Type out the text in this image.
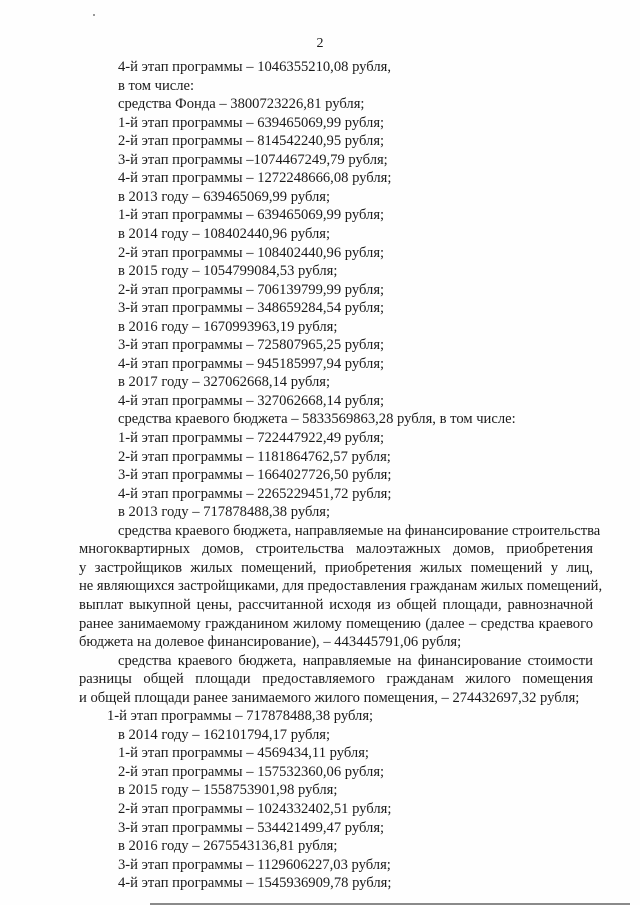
2
4-й этап программы – 1046355210,08 рубля,
в том числе:
средства Фонда – 3800723226,81 рубля;
1-й этап программы – 639465069,99 рубля;
2-й этап программы – 814542240,95 рубля;
3-й этап программы –1074467249,79 рубля;
4-й этап программы – 1272248666,08 рубля;
в 2013 году – 639465069,99 рубля;
1-й этап программы – 639465069,99 рубля;
в 2014 году – 108402440,96 рубля;
2-й этап программы – 108402440,96 рубля;
в 2015 году – 1054799084,53 рубля;
2-й этап программы – 706139799,99 рубля;
3-й этап программы – 348659284,54 рубля;
в 2016 году – 1670993963,19 рубля;
3-й этап программы – 725807965,25 рубля;
4-й этап программы – 945185997,94 рубля;
в 2017 году – 327062668,14 рубля;
4-й этап программы – 327062668,14 рубля;
средства краевого бюджета – 5833569863,28 рубля, в том числе:
1-й этап программы – 722447922,49 рубля;
2-й этап программы – 1181864762,57 рубля;
3-й этап программы – 1664027726,50 рубля;
4-й этап программы – 2265229451,72 рубля;
в 2013 году – 717878488,38 рубля;
средства краевого бюджета, направляемые на финансирование строительства
многоквартирных домов, строительства малоэтажных домов, приобретения
у застройщиков жилых помещений, приобретения жилых помещений у лиц,
не являющихся застройщиками, для предоставления гражданам жилых помещений,
выплат выкупной цены, рассчитанной исходя из общей площади, равнозначной
ранее занимаемому гражданином жилому помещению (далее – средства краевого
бюджета на долевое финансирование), – 443445791,06 рубля;
средства краевого бюджета, направляемые на финансирование стоимости
разницы общей площади предоставляемого гражданам жилого помещения
и общей площади ранее занимаемого жилого помещения, – 274432697,32 рубля;
1-й этап программы – 717878488,38 рубля;
в 2014 году – 162101794,17 рубля;
1-й этап программы – 4569434,11 рубля;
2-й этап программы – 157532360,06 рубля;
в 2015 году – 1558753901,98 рубля;
2-й этап программы – 1024332402,51 рубля;
3-й этап программы – 534421499,47 рубля;
в 2016 году – 2675543136,81 рубля;
3-й этап программы – 1129606227,03 рубля;
4-й этап программы – 1545936909,78 рубля;
